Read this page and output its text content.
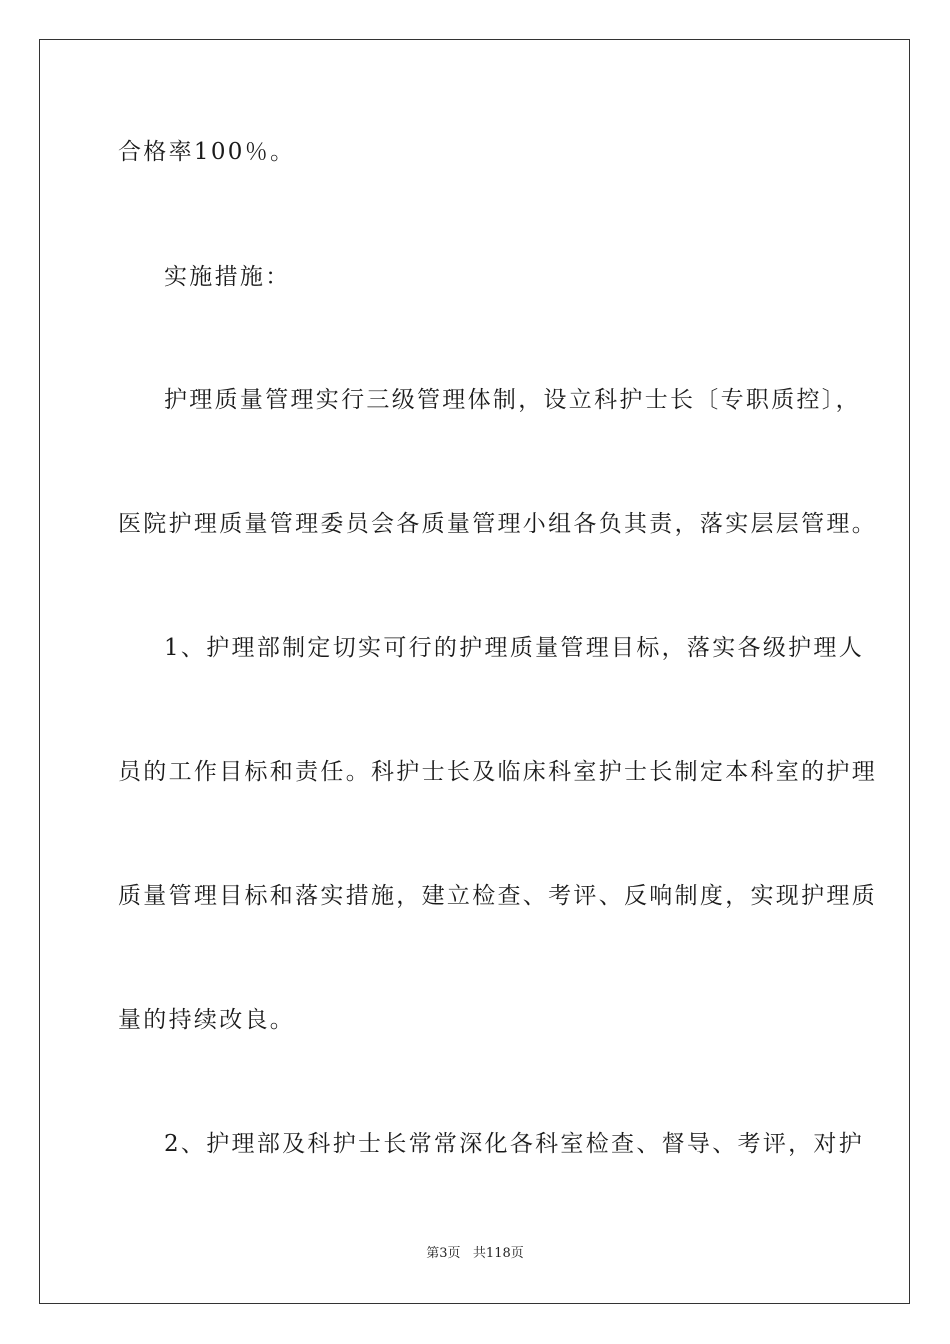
合格率100％。
实施措施：
护理质量管理实行三级管理体制，设立科护士长〔专职质控〕，
医院护理质量管理委员会各质量管理小组各负其责，落实层层管理。
1、护理部制定切实可行的护理质量管理目标，落实各级护理人
员的工作目标和责任。科护士长及临床科室护士长制定本科室的护理
质量管理目标和落实措施，建立检查、考评、反响制度，实现护理质
量的持续改良。
2、护理部及科护士长常常深化各科室检查、督导、考评，对护
第3页 共118页
